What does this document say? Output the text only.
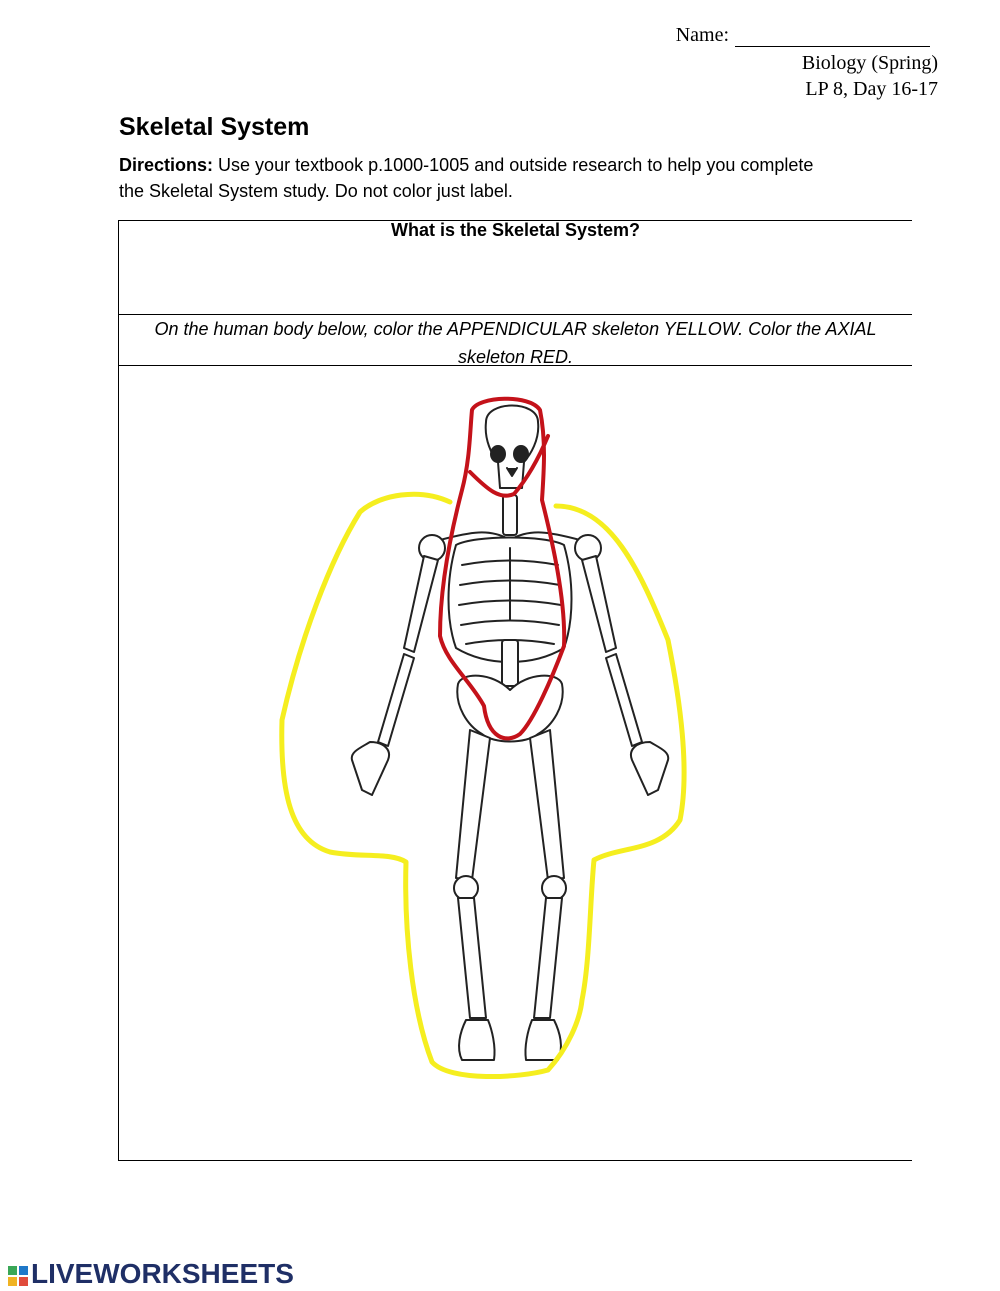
Name:
Biology (Spring)
LP 8, Day 16-17
Skeletal System
Directions: Use your textbook p.1000-1005 and outside research to help you complete the Skeletal System study. Do not color just label.
What is the Skeletal System?
On the human body below, color the APPENDICULAR skeleton YELLOW. Color the AXIAL skeleton RED.
LIVEWORKSHEETS
